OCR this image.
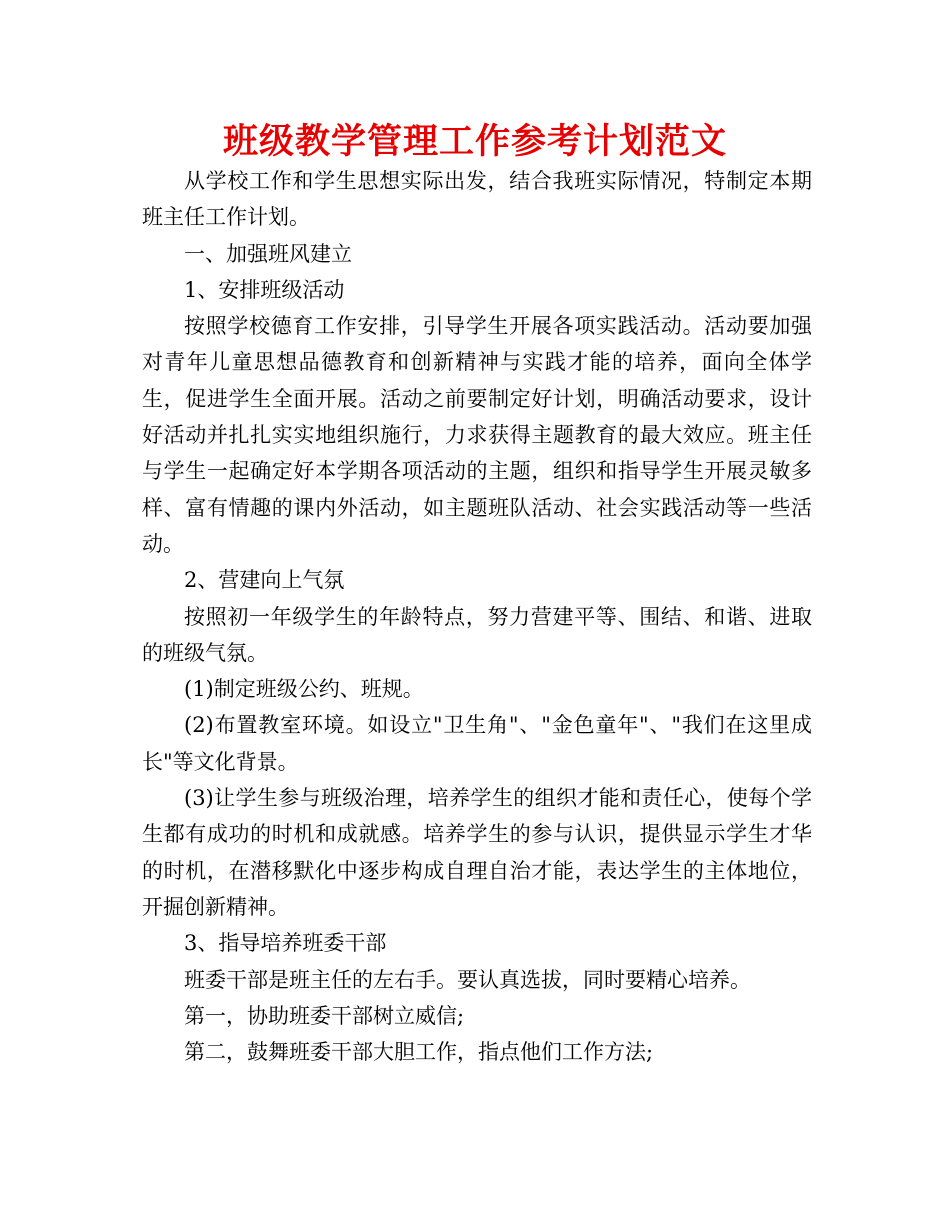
班级教学管理工作参考计划范文

从学校工作和学生思想实际出发，结合我班实际情况，特制定本期班主任工作计划。

一、加强班风建立

1、安排班级活动

按照学校德育工作安排，引导学生开展各项实践活动。活动要加强对青年儿童思想品德教育和创新精神与实践才能的培养，面向全体学生，促进学生全面开展。活动之前要制定好计划，明确活动要求，设计好活动并扎扎实实地组织施行，力求获得主题教育的最大效应。班主任与学生一起确定好本学期各项活动的主题，组织和指导学生开展灵敏多样、富有情趣的课内外活动，如主题班队活动、社会实践活动等一些活动。

2、营建向上气氛

按照初一年级学生的年龄特点，努力营建平等、围结、和谐、进取的班级气氛。

(1)制定班级公约、班规。

(2)布置教室环境。如设立"卫生角"、"金色童年"、"我们在这里成长"等文化背景。

(3)让学生参与班级治理，培养学生的组织才能和责任心，使每个学生都有成功的时机和成就感。培养学生的参与认识，提供显示学生才华的时机，在潜移默化中逐步构成自理自治才能，表达学生的主体地位，开掘创新精神。

3、指导培养班委干部

班委干部是班主任的左右手。要认真选拔，同时要精心培养。

第一，协助班委干部树立威信;

第二，鼓舞班委干部大胆工作，指点他们工作方法;
